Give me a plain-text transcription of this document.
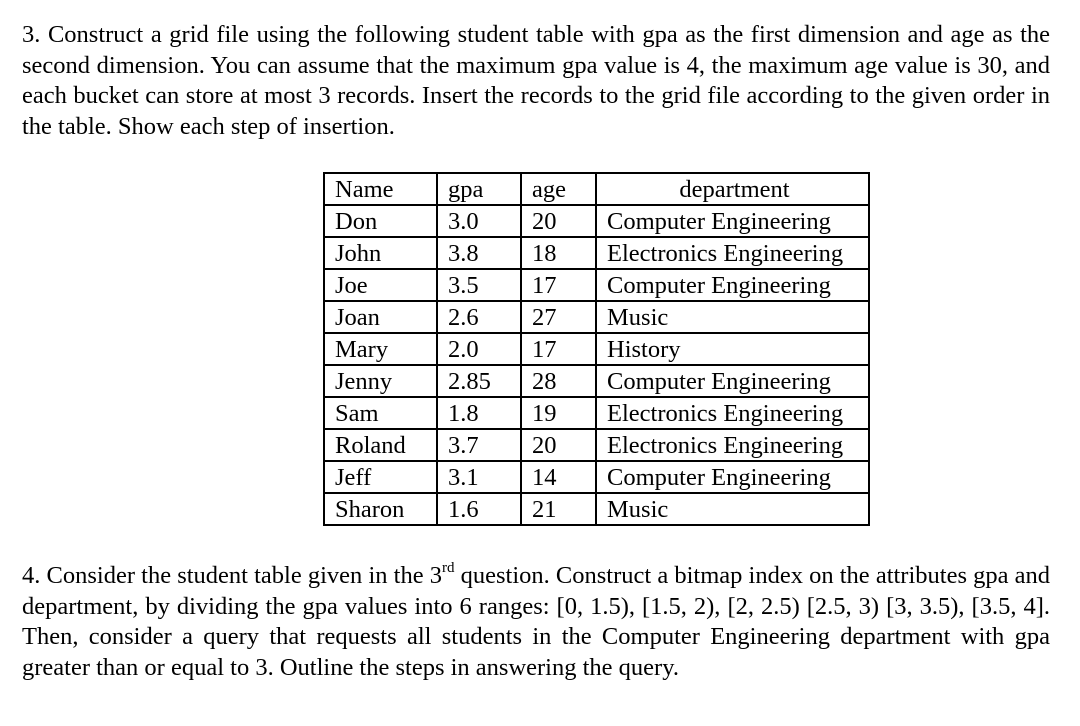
3. Construct a grid file using the following student table with gpa as the first dimension and age as the second dimension. You can assume that the maximum gpa value is 4, the maximum age value is 30, and each bucket can store at most 3 records. Insert the records to the grid file according to the given order in the table. Show each step of insertion.

Name	gpa	age	department
Don	3.0	20	Computer Engineering
John	3.8	18	Electronics Engineering
Joe	3.5	17	Computer Engineering
Joan	2.6	27	Music
Mary	2.0	17	History
Jenny	2.85	28	Computer Engineering
Sam	1.8	19	Electronics Engineering
Roland	3.7	20	Electronics Engineering
Jeff	3.1	14	Computer Engineering
Sharon	1.6	21	Music

4. Consider the student table given in the 3rd question. Construct a bitmap index on the attributes gpa and department, by dividing the gpa values into 6 ranges: [0, 1.5), [1.5, 2), [2, 2.5) [2.5, 3) [3, 3.5), [3.5, 4]. Then, consider a query that requests all students in the Computer Engineering department with gpa greater than or equal to 3. Outline the steps in answering the query.
